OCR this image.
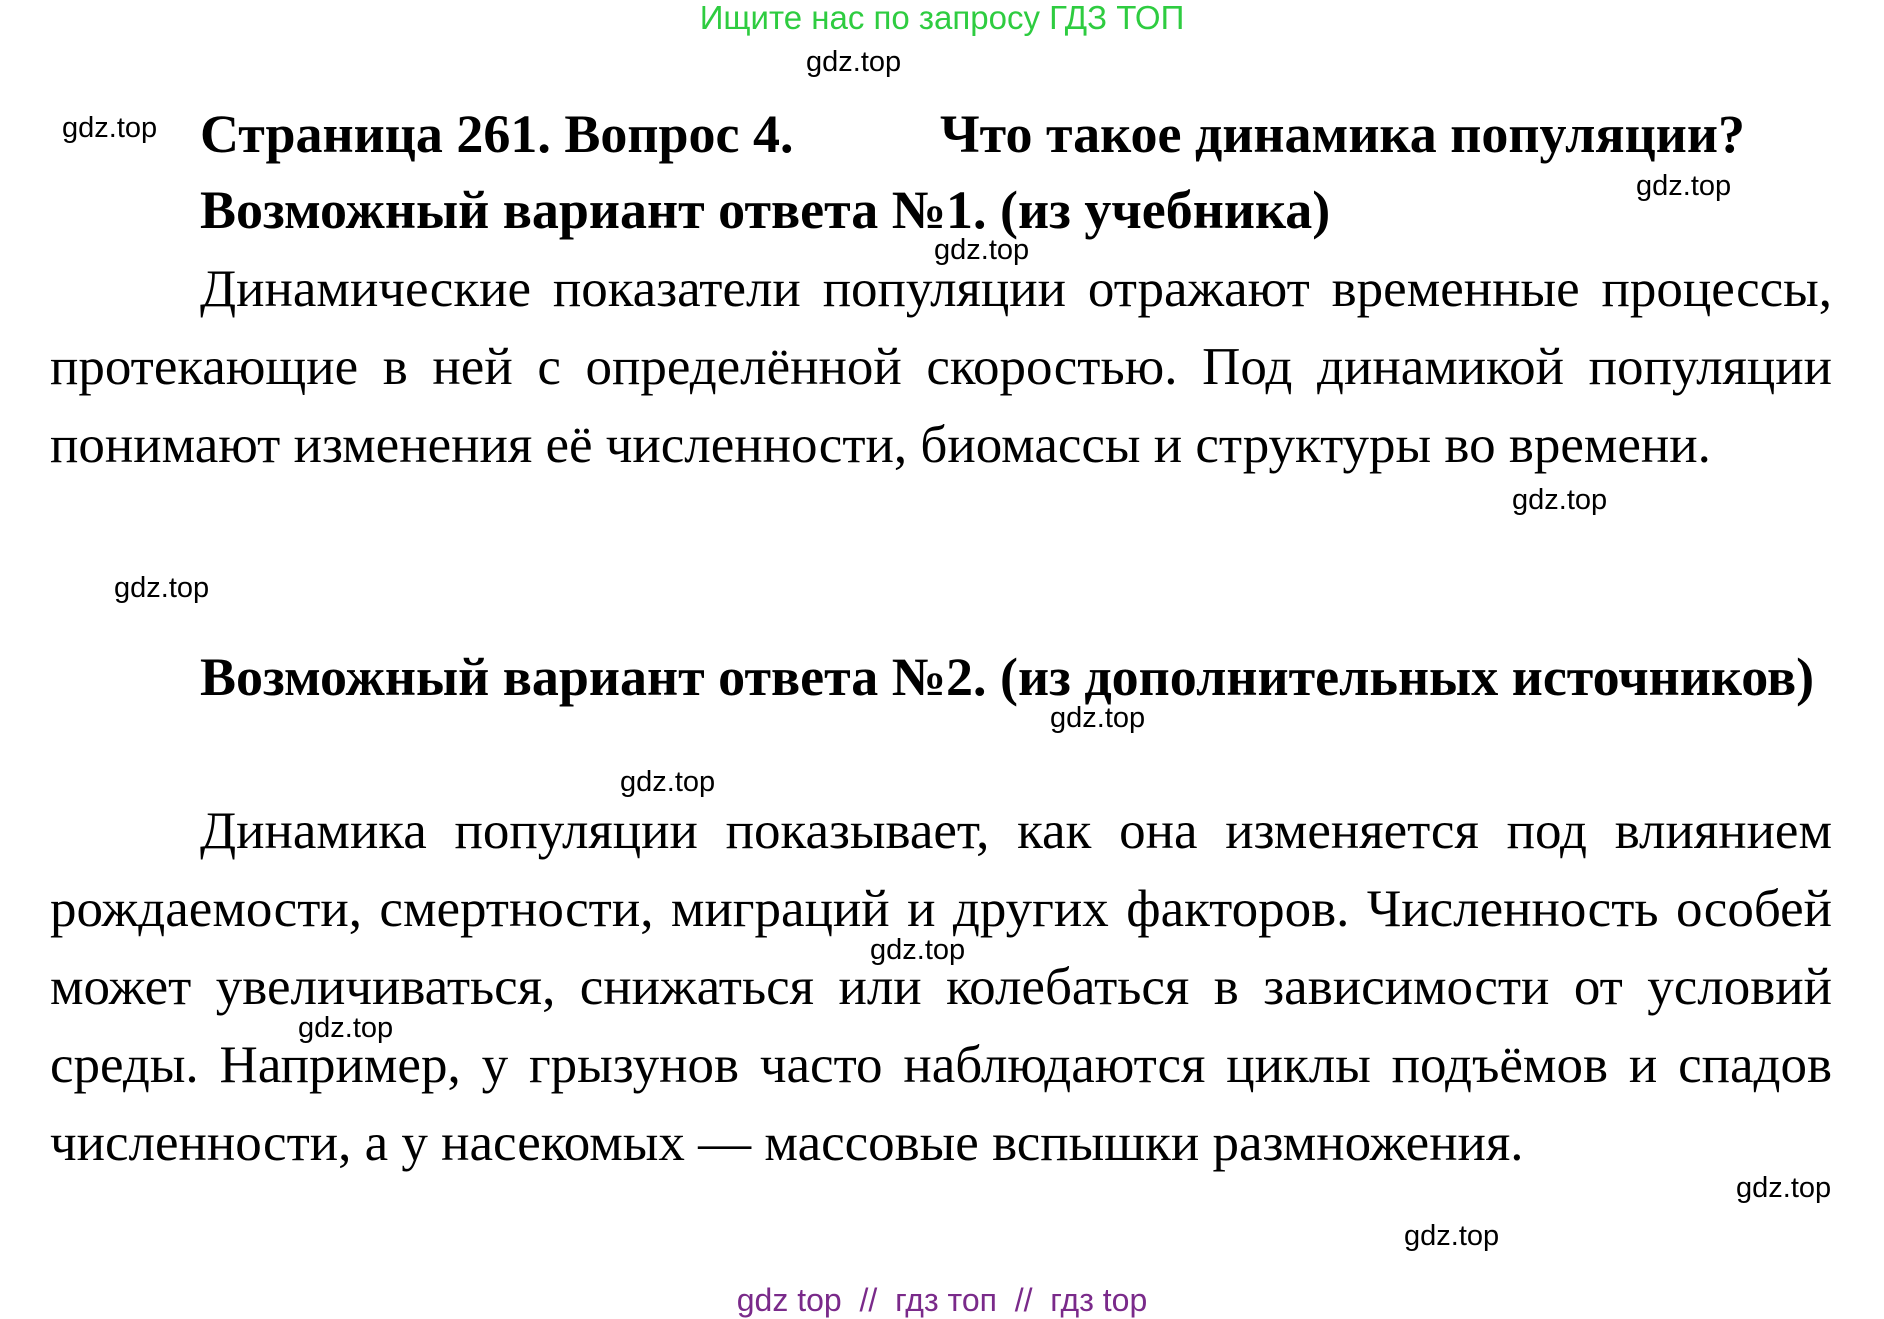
Ищите нас по запросу ГДЗ ТОП
gdz.top
gdz.top
gdz.top
gdz.top
gdz.top
gdz.top
gdz.top
gdz.top
gdz.top
gdz.top
gdz.top
gdz.top
Страница 261. Вопрос 4.	Что такое динамика популяции?
Возможный вариант ответа №1. (из учебника)

Динамические показатели популяции отражают временные процессы, протекающие в ней с определённой скоростью. Под динамикой популяции понимают изменения её численности, биомассы и структуры во времени.

Возможный вариант ответа №2. (из дополнительных источников)

Динамика популяции показывает, как она изменяется под влиянием рождаемости, смертности, миграций и других факторов. Численность особей может увеличиваться, снижаться или колебаться в зависимости от условий среды. Например, у грызунов часто наблюдаются циклы подъёмов и спадов численности, а у насекомых — массовые вспышки размножения.

gdz top  //  гдз топ  //  гдз top
